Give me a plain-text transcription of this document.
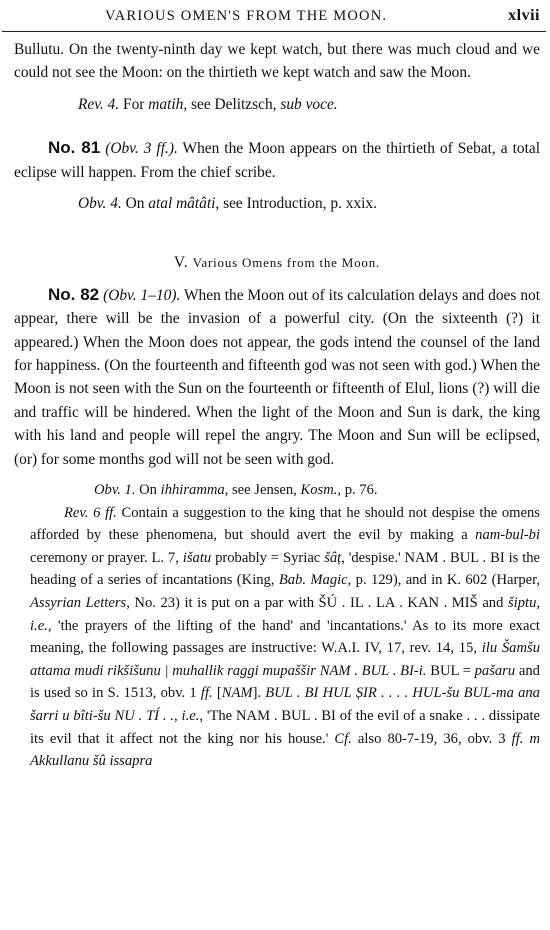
VARIOUS OMEN'S FROM THE MOON.	xlvii

Bullutu. On the twenty-ninth day we kept watch, but there was much cloud and we could not see the Moon: on the thirtieth we kept watch and saw the Moon.

Rev. 4. For matih, see Delitzsch, sub voce.

No. 81 (Obv. 3 ff.). When the Moon appears on the thirtieth of Sebat, a total eclipse will happen. From the chief scribe.

Obv. 4. On atal mâtâti, see Introduction, p. xxix.

V. Various Omens from the Moon.

No. 82 (Obv. 1–10). When the Moon out of its calculation delays and does not appear, there will be the invasion of a powerful city. (On the sixteenth (?) it appeared.) When the Moon does not appear, the gods intend the counsel of the land for happiness. (On the fourteenth and fifteenth god was not seen with god.) When the Moon is not seen with the Sun on the fourteenth or fifteenth of Elul, lions (?) will die and traffic will be hindered. When the light of the Moon and Sun is dark, the king with his land and people will repel the angry. The Moon and Sun will be eclipsed, (or) for some months god will not be seen with god.

Obv. 1. On ihhiramma, see Jensen, Kosm., p. 76.

Rev. 6 ff. Contain a suggestion to the king that he should not despise the omens afforded by these phenomena, but should avert the evil by making a nam-bul-bi ceremony or prayer. L. 7, išatu probably = Syriac šâț, 'despise.' NAM . BUL . BI is the heading of a series of incantations (King, Bab. Magic, p. 129), and in K. 602 (Harper, Assyrian Letters, No. 23) it is put on a par with ŠÚ . IL . LA . KAN . MIŠ and šiptu, i.e., 'the prayers of the lifting of the hand' and 'incantations.' As to its more exact meaning, the following passages are instructive: W.A.I. IV, 17, rev. 14, 15, ilu Šamšu attama mudi rikšišunu | muhallik raggi mupaššir NAM . BUL . BI-i. BUL = pašaru and is used so in S. 1513, obv. 1 ff. [NAM]. BUL . BI HUL ȘIR . . . . HUL-šu BUL-ma ana šarri u bîti-šu NU . TÍ . ., i.e., 'The NAM . BUL . BI of the evil of a snake . . . dissipate its evil that it affect not the king nor his house.' Cf. also 80-7-19, 36, obv. 3 ff. m Akkullanu šû issapra
